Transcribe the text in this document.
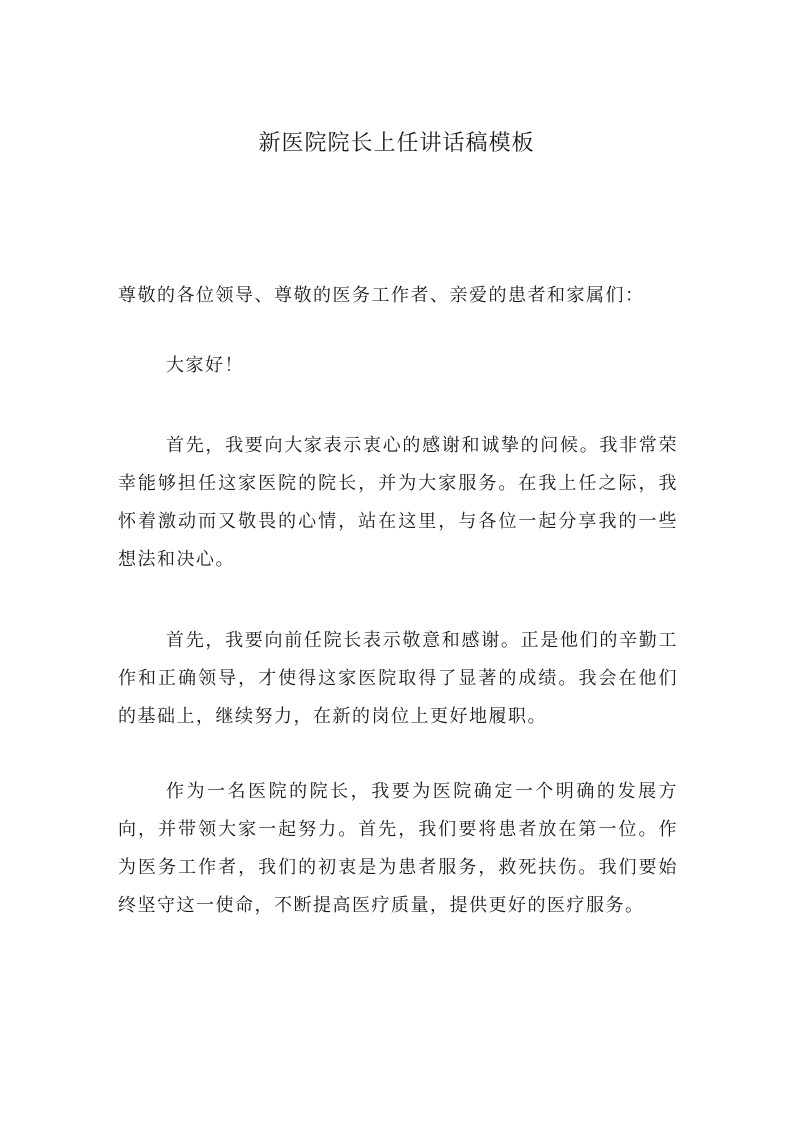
新医院院长上任讲话稿模板

尊敬的各位领导、尊敬的医务工作者、亲爱的患者和家属们：

大家好！

首先，我要向大家表示衷心的感谢和诚挚的问候。我非常荣幸能够担任这家医院的院长，并为大家服务。在我上任之际，我怀着激动而又敬畏的心情，站在这里，与各位一起分享我的一些想法和决心。

首先，我要向前任院长表示敬意和感谢。正是他们的辛勤工作和正确领导，才使得这家医院取得了显著的成绩。我会在他们的基础上，继续努力，在新的岗位上更好地履职。

作为一名医院的院长，我要为医院确定一个明确的发展方向，并带领大家一起努力。首先，我们要将患者放在第一位。作为医务工作者，我们的初衷是为患者服务，救死扶伤。我们要始终坚守这一使命，不断提高医疗质量，提供更好的医疗服务。
